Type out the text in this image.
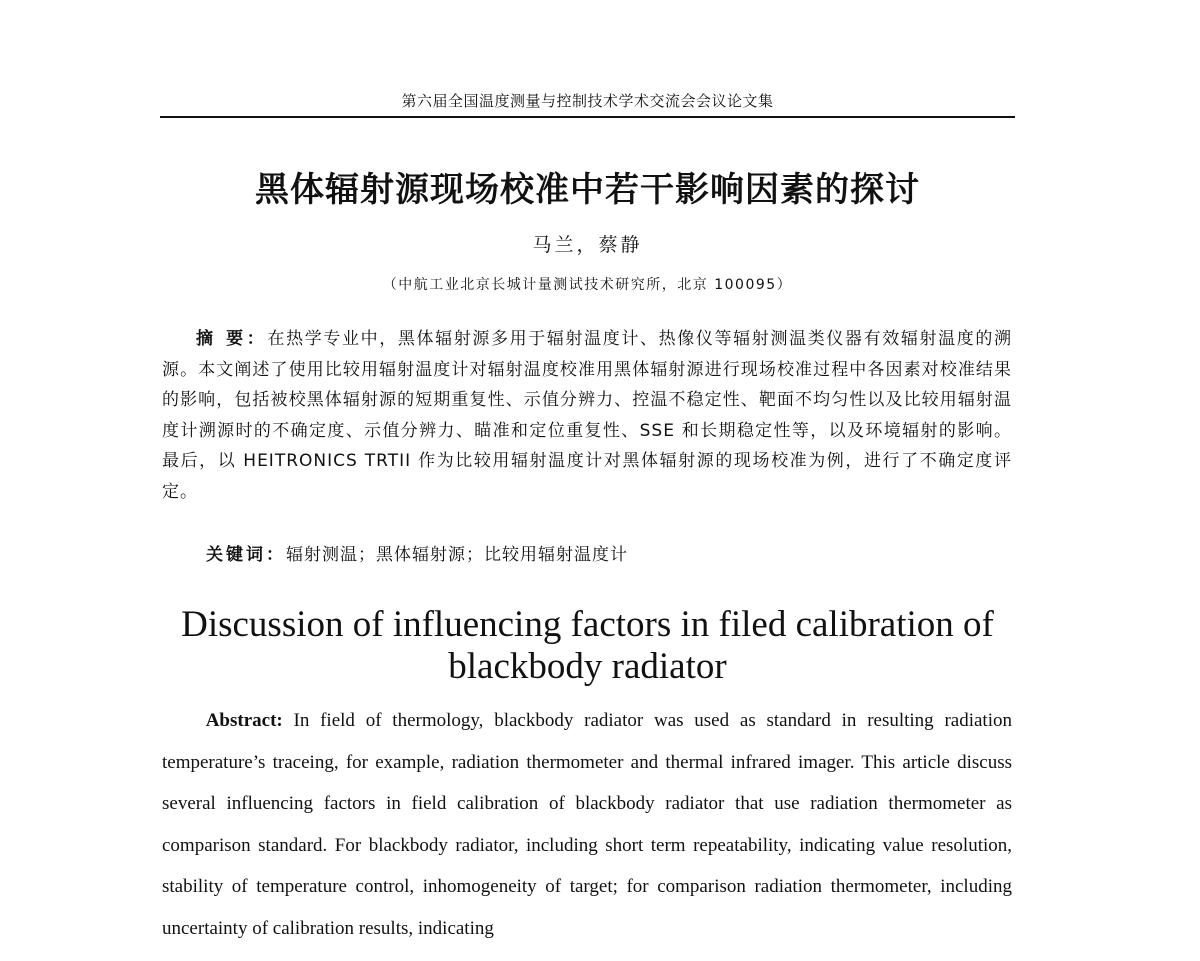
第六届全国温度测量与控制技术学术交流会会议论文集
黑体辐射源现场校准中若干影响因素的探讨
马兰，蔡静
（中航工业北京长城计量测试技术研究所，北京 100095）

摘 要：在热学专业中，黑体辐射源多用于辐射温度计、热像仪等辐射测温类仪器有效辐射温度的溯源。本文阐述了使用比较用辐射温度计对辐射温度校准用黑体辐射源进行现场校准过程中各因素对校准结果的影响，包括被校黑体辐射源的短期重复性、示值分辨力、控温不稳定性、靶面不均匀性以及比较用辐射温度计溯源时的不确定度、示值分辨力、瞄准和定位重复性、SSE 和长期稳定性等，以及环境辐射的影响。最后，以 HEITRONICS TRTII 作为比较用辐射温度计对黑体辐射源的现场校准为例，进行了不确定度评定。

关键词：辐射测温；黑体辐射源；比较用辐射温度计

Discussion of influencing factors in filed calibration of
blackbody radiator

Abstract: In field of thermology, blackbody radiator was used as standard in resulting radiation temperature’s traceing, for example, radiation thermometer and thermal infrared imager. This article discuss several influencing factors in field calibration of blackbody radiator that use radiation thermometer as comparison standard. For blackbody radiator, including short term repeatability, indicating value resolution, stability of temperature control, inhomogeneity of target; for comparison radiation thermometer, including uncertainty of calibration results, indicating
